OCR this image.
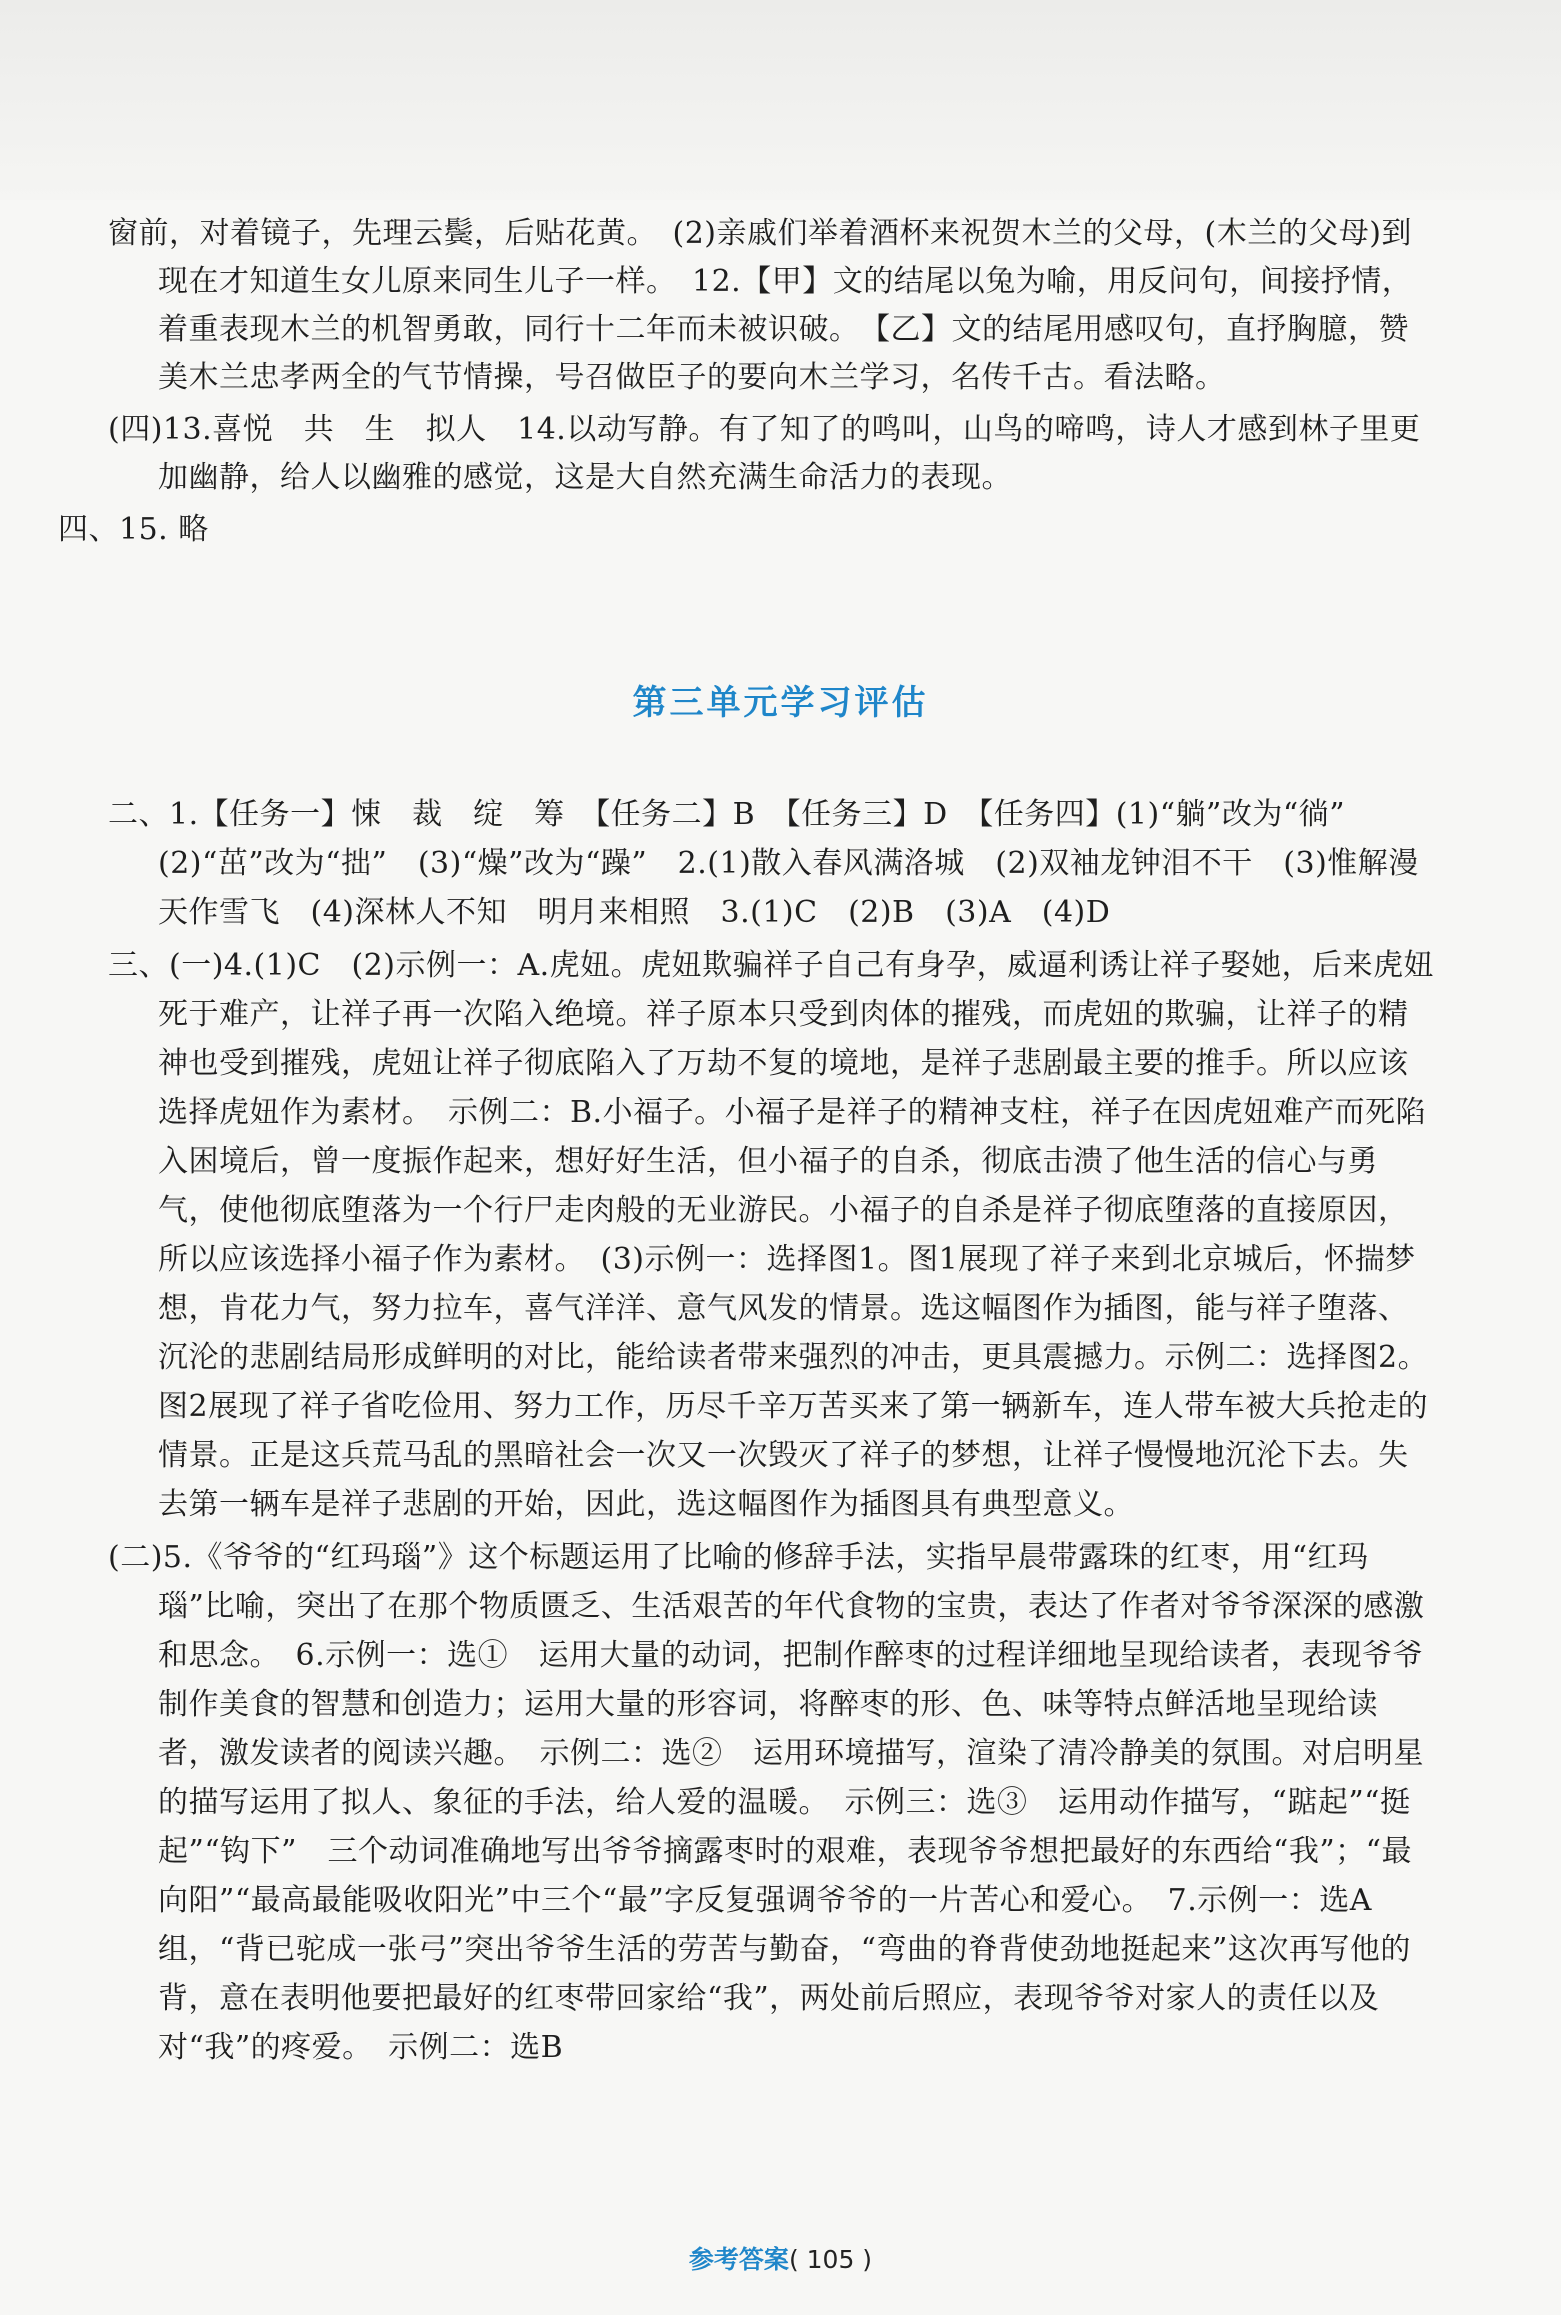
窗前，对着镜子，先理云鬓，后贴花黄。　(2)亲戚们举着酒杯来祝贺木兰的父母，(木兰的父母)到现在才知道生女儿原来同生儿子一样。　12.【甲】文的结尾以兔为喻，用反问句，间接抒情，着重表现木兰的机智勇敢，同行十二年而未被识破。　【乙】文的结尾用感叹句，直抒胸臆，赞美木兰忠孝两全的气节情操，号召做臣子的要向木兰学习，名传千古。看法略。

(四)13.喜悦　共　生　拟人　14.以动写静。有了知了的鸣叫，山鸟的啼鸣，诗人才感到林子里更加幽静，给人以幽雅的感觉，这是大自然充满生命活力的表现。

四、15. 略

第三单元学习评估

二、1.【任务一】悚　裁　绽　筹　【任务二】B　【任务三】D　【任务四】(1)“躺”改为“徜”　(2)“茁”改为“拙”　(3)“燥”改为“躁”　2.(1)散入春风满洛城　(2)双袖龙钟泪不干　(3)惟解漫天作雪飞　(4)深林人不知　明月来相照　3.(1)C　(2)B　(3)A　(4)D

三、(一)4.(1)C　(2)示例一：A.虎妞。虎妞欺骗祥子自己有身孕，威逼利诱让祥子娶她，后来虎妞死于难产，让祥子再一次陷入绝境。祥子原本只受到肉体的摧残，而虎妞的欺骗，让祥子的精神也受到摧残，虎妞让祥子彻底陷入了万劫不复的境地，是祥子悲剧最主要的推手。所以应该选择虎妞作为素材。　示例二：B.小福子。小福子是祥子的精神支柱，祥子在因虎妞难产而死陷入困境后，曾一度振作起来，想好好生活，但小福子的自杀，彻底击溃了他生活的信心与勇气，使他彻底堕落为一个行尸走肉般的无业游民。小福子的自杀是祥子彻底堕落的直接原因，所以应该选择小福子作为素材。　(3)示例一：选择图1。图1展现了祥子来到北京城后，怀揣梦想，肯花力气，努力拉车，喜气洋洋、意气风发的情景。选这幅图作为插图，能与祥子堕落、沉沦的悲剧结局形成鲜明的对比，能给读者带来强烈的冲击，更具震撼力。示例二：选择图2。图2展现了祥子省吃俭用、努力工作，历尽千辛万苦买来了第一辆新车，连人带车被大兵抢走的情景。正是这兵荒马乱的黑暗社会一次又一次毁灭了祥子的梦想，让祥子慢慢地沉沦下去。失去第一辆车是祥子悲剧的开始，因此，选这幅图作为插图具有典型意义。

(二)5.《爷爷的“红玛瑙”》这个标题运用了比喻的修辞手法，实指早晨带露珠的红枣，用“红玛瑙”比喻，突出了在那个物质匮乏、生活艰苦的年代食物的宝贵，表达了作者对爷爷深深的感激和思念。　6.示例一：选①　运用大量的动词，把制作醉枣的过程详细地呈现给读者，表现爷爷制作美食的智慧和创造力；运用大量的形容词，将醉枣的形、色、味等特点鲜活地呈现给读者，激发读者的阅读兴趣。　示例二：选②　运用环境描写，渲染了清冷静美的氛围。对启明星的描写运用了拟人、象征的手法，给人爱的温暖。　示例三：选③　运用动作描写，“踮起”“挺起”“钩下”　三个动词准确地写出爷爷摘露枣时的艰难，表现爷爷想把最好的东西给“我”；“最向阳”“最高最能吸收阳光”中三个“最”字反复强调爷爷的一片苦心和爱心。　7.示例一：选A组，“背已驼成一张弓”突出爷爷生活的劳苦与勤奋，“弯曲的脊背使劲地挺起来”这次再写他的背，意在表明他要把最好的红枣带回家给“我”，两处前后照应，表现爷爷对家人的责任以及对“我”的疼爱。　示例二：选B

参考答案( 105 )
